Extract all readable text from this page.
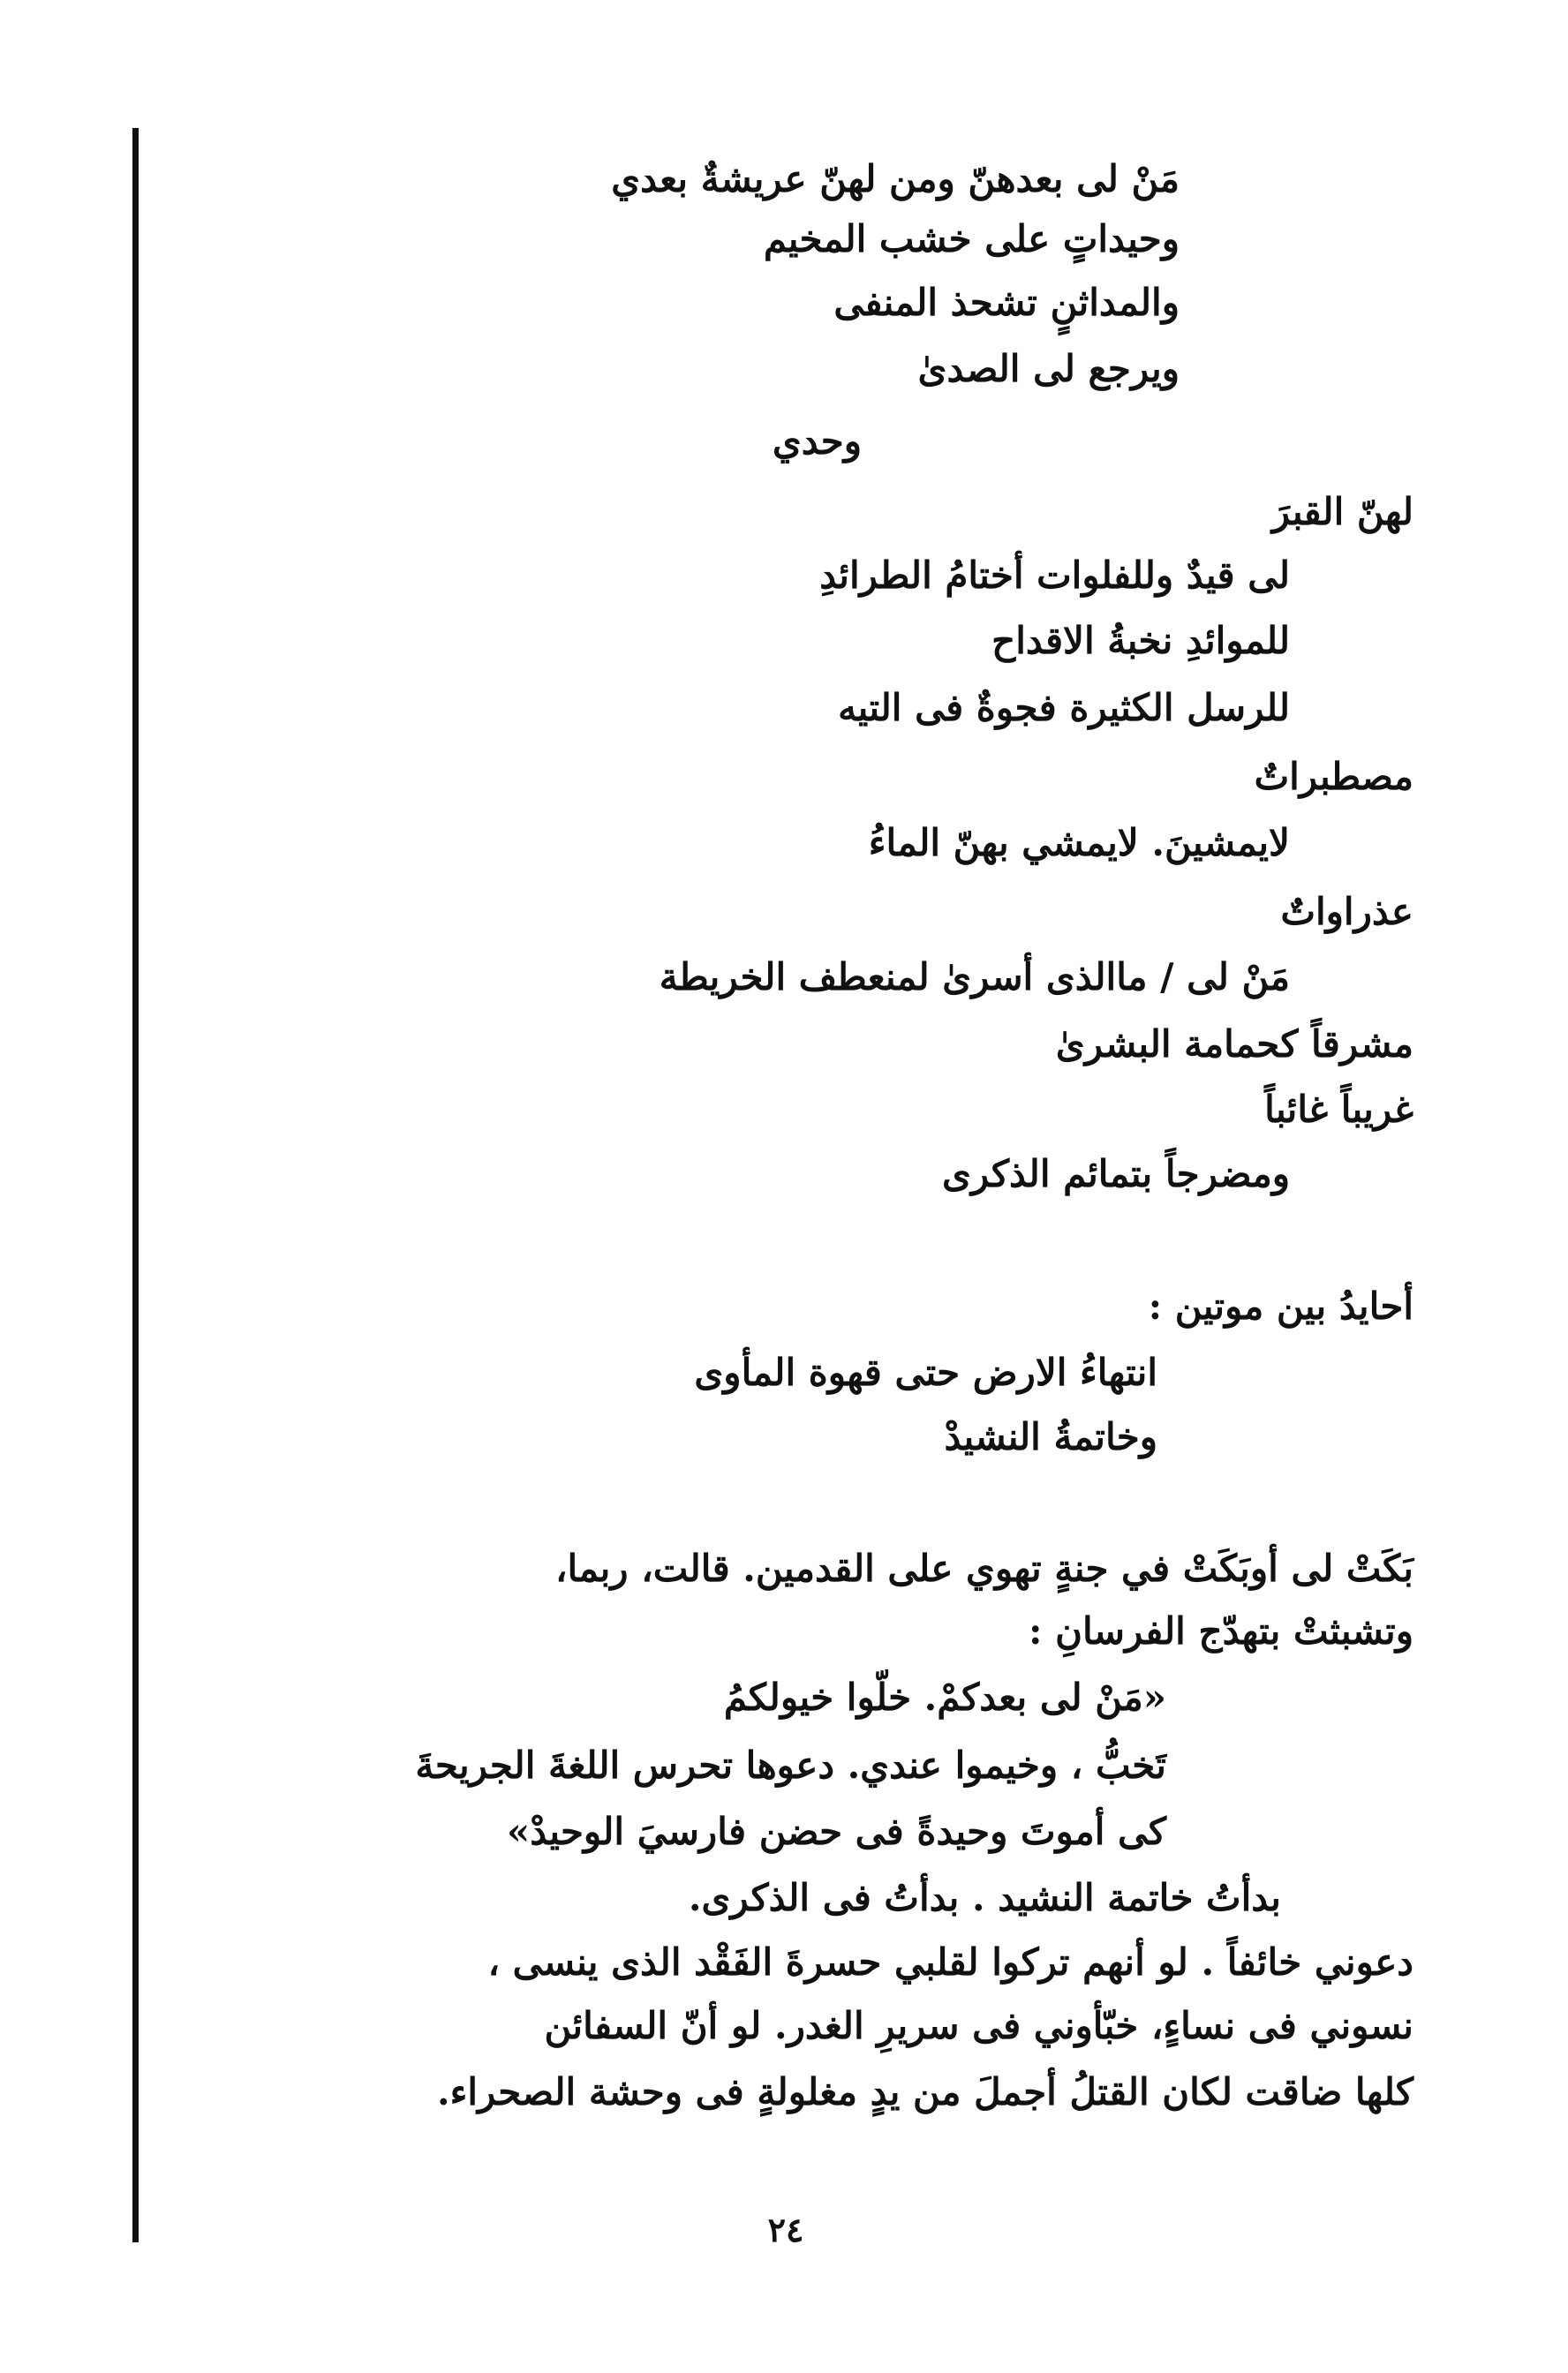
مَنْ لى بعدهنّ ومن لهنّ عريشةٌ بعدي

وحيداتٍ على خشب المخيم

والمداثنٍ تشحذ المنفى

ويرجع لى الصدىٰ

وحدي

لهنّ القبرَ

لى قيدٌ وللفلوات أختامُ الطرائدِ

للموائدِ نخبةُ الاقداح

للرسل الكثيرة فجوةٌ فى التيه

مصطبراتٌ

لايمشينَ. لايمشي بهنّ الماءُ

عذراواتٌ

مَنْ لى / ماالذى أسرىٰ لمنعطف الخريطة

مشرقاً كحمامة البشرىٰ

غريباً غائباً

ومضرجاً بتمائم الذكرى

أحايدُ بين موتين :

انتهاءُ الارض حتى قهوة المأوى

وخاتمةُ النشيدْ

بَكَتْ لى أوبَكَتْ في جنةٍ تهوي على القدمين. قالت، ربما،

وتشبثتْ بتهدّج الفرسانِ :

«مَنْ لى بعدكمْ. خلّوا خيولكمُ

تَخبُّ ، وخيموا عندي. دعوها تحرس اللغةَ الجريحةَ

كى أموتَ وحيدةً فى حضن فارسيَ الوحيدْ»

بدأتُ خاتمة النشيد . بدأتُ فى الذكرى.

دعوني خائفاً . لو أنهم تركوا لقلبي حسرةَ الفَقْد الذى ينسى ،

نسوني فى نساءٍ، خبّأوني فى سريرِ الغدر. لو أنّ السفائن

كلها ضاقت لكان القتلُ أجملَ من يدٍ مغلولةٍ فى وحشة الصحراء.

٢٤
